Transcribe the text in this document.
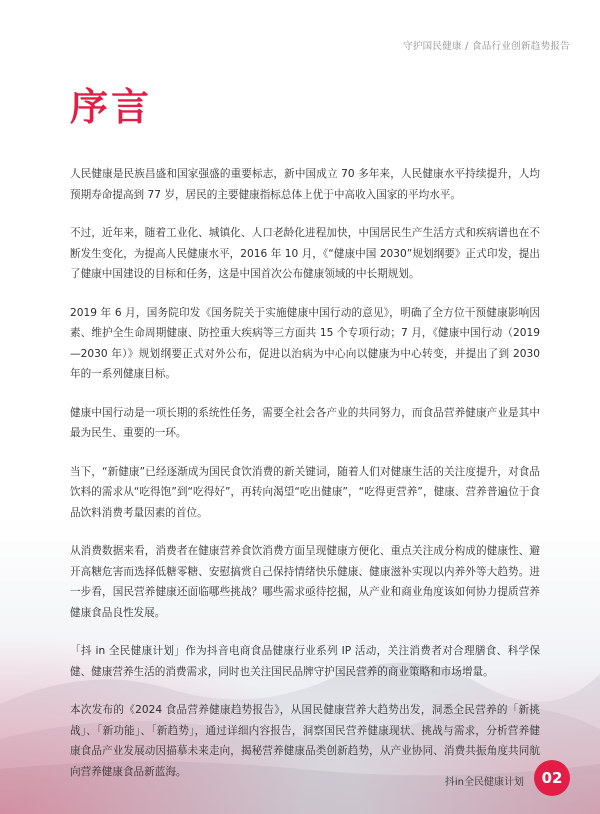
守护国民健康 / 食品行业创新趋势报告
序言

人民健康是民族昌盛和国家强盛的重要标志，新中国成立 70 多年来，人民健康水平持续提升，人均预期寿命提高到 77 岁，居民的主要健康指标总体上优于中高收入国家的平均水平。

不过，近年来，随着工业化、城镇化、人口老龄化进程加快，中国居民生产生活方式和疾病谱也在不断发生变化，为提高人民健康水平，2016 年 10 月，《“健康中国 2030”规划纲要》正式印发，提出了健康中国建设的目标和任务，这是中国首次公布健康领域的中长期规划。

2019 年 6 月，国务院印发《国务院关于实施健康中国行动的意见》，明确了全方位干预健康影响因素、维护全生命周期健康、防控重大疾病等三方面共 15 个专项行动；7 月，《健康中国行动（2019—2030 年）》规划纲要正式对外公布，促进以治病为中心向以健康为中心转变，并提出了到 2030 年的一系列健康目标。

健康中国行动是一项长期的系统性任务，需要全社会各产业的共同努力，而食品营养健康产业是其中最为民生、重要的一环。

当下，“新健康”已经逐渐成为国民食饮消费的新关键词，随着人们对健康生活的关注度提升，对食品饮料的需求从“吃得饱”到“吃得好”，再转向渴望“吃出健康”，“吃得更营养”，健康、营养普遍位于食品饮料消费考量因素的首位。

从消费数据来看，消费者在健康营养食饮消费方面呈现健康方便化、重点关注成分构成的健康性、避开高糖危害而选择低糖零糖、安慰搞赏自己保持情绪快乐健康、健康滋补实现以内养外等大趋势。进一步看，国民营养健康还面临哪些挑战？哪些需求亟待挖掘，从产业和商业角度该如何协力提质营养健康食品良性发展。

「抖 in 全民健康计划」作为抖音电商食品健康行业系列 IP 活动，关注消费者对合理膳食、科学保健、健康营养生活的消费需求，同时也关注国民品牌守护国民营养的商业策略和市场增量。

本次发布的《2024 食品营养健康趋势报告》，从国民健康营养大趋势出发，洞悉全民营养的「新挑战」、「新功能」、「新趋势」，通过详细内容报告，洞察国民营养健康现状、挑战与需求，分析营养健康食品产业发展动因描摹未来走向，揭秘营养健康品类创新趋势，从产业协同、消费共振角度共同航向营养健康食品新蓝海。

抖in全民健康计划	02
